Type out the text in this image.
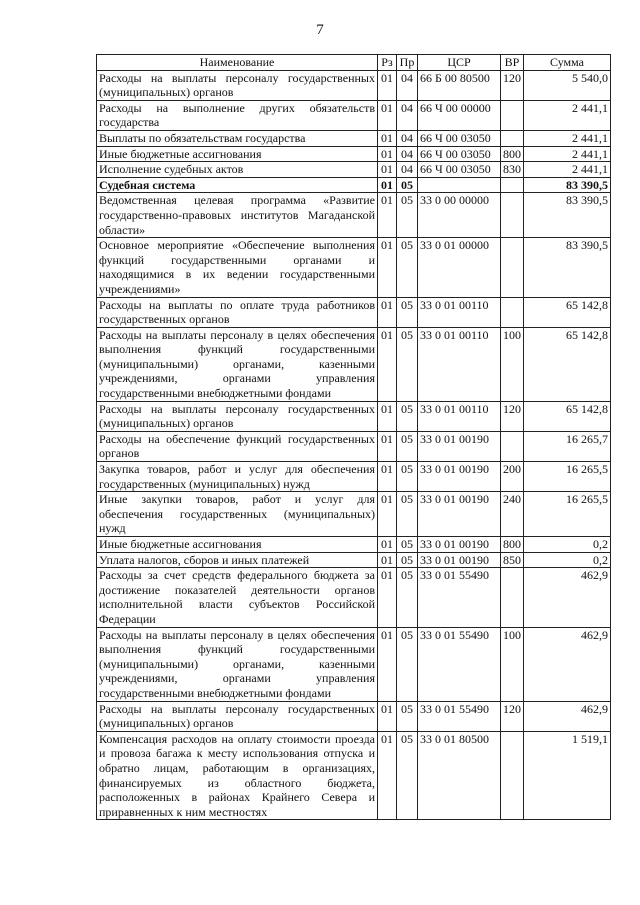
7
Наименование	Рз	Пр	ЦСР	ВР	Сумма
Расходы на выплаты персоналу государственных (муниципальных) органов	01	04	66 Б 00 80500	120	5 540,0
Расходы на выполнение других обязательств государства	01	04	66 Ч 00 00000		2 441,1
Выплаты по обязательствам государства	01	04	66 Ч 00 03050		2 441,1
Иные бюджетные ассигнования	01	04	66 Ч 00 03050	800	2 441,1
Исполнение судебных актов	01	04	66 Ч 00 03050	830	2 441,1
Судебная система	01	05			83 390,5
Ведомственная целевая программа «Развитие государственно-правовых институтов Магаданской области»	01	05	33 0 00 00000		83 390,5
Основное мероприятие «Обеспечение выполнения функций государственными органами и находящимися в их ведении государственными учреждениями»	01	05	33 0 01 00000		83 390,5
Расходы на выплаты по оплате труда работников государственных органов	01	05	33 0 01 00110		65 142,8
Расходы на выплаты персоналу в целях обеспечения выполнения функций государственными (муниципальными) органами, казенными учреждениями, органами управления государственными внебюджетными фондами	01	05	33 0 01 00110	100	65 142,8
Расходы на выплаты персоналу государственных (муниципальных) органов	01	05	33 0 01 00110	120	65 142,8
Расходы на обеспечение функций государственных органов	01	05	33 0 01 00190		16 265,7
Закупка товаров, работ и услуг для обеспечения государственных (муниципальных) нужд	01	05	33 0 01 00190	200	16 265,5
Иные закупки товаров, работ и услуг для обеспечения государственных (муниципальных) нужд	01	05	33 0 01 00190	240	16 265,5
Иные бюджетные ассигнования	01	05	33 0 01 00190	800	0,2
Уплата налогов, сборов и иных платежей	01	05	33 0 01 00190	850	0,2
Расходы за счет средств федерального бюджета за достижение показателей деятельности органов исполнительной власти субъектов Российской Федерации	01	05	33 0 01 55490		462,9
Расходы на выплаты персоналу в целях обеспечения выполнения функций государственными (муниципальными) органами, казенными учреждениями, органами управления государственными внебюджетными фондами	01	05	33 0 01 55490	100	462,9
Расходы на выплаты персоналу государственных (муниципальных) органов	01	05	33 0 01 55490	120	462,9
Компенсация расходов на оплату стоимости проезда и провоза багажа к месту использования отпуска и обратно лицам, работающим в организациях, финансируемых из областного бюджета, расположенных в районах Крайнего Севера и приравненных к ним местностях	01	05	33 0 01 80500		1 519,1
